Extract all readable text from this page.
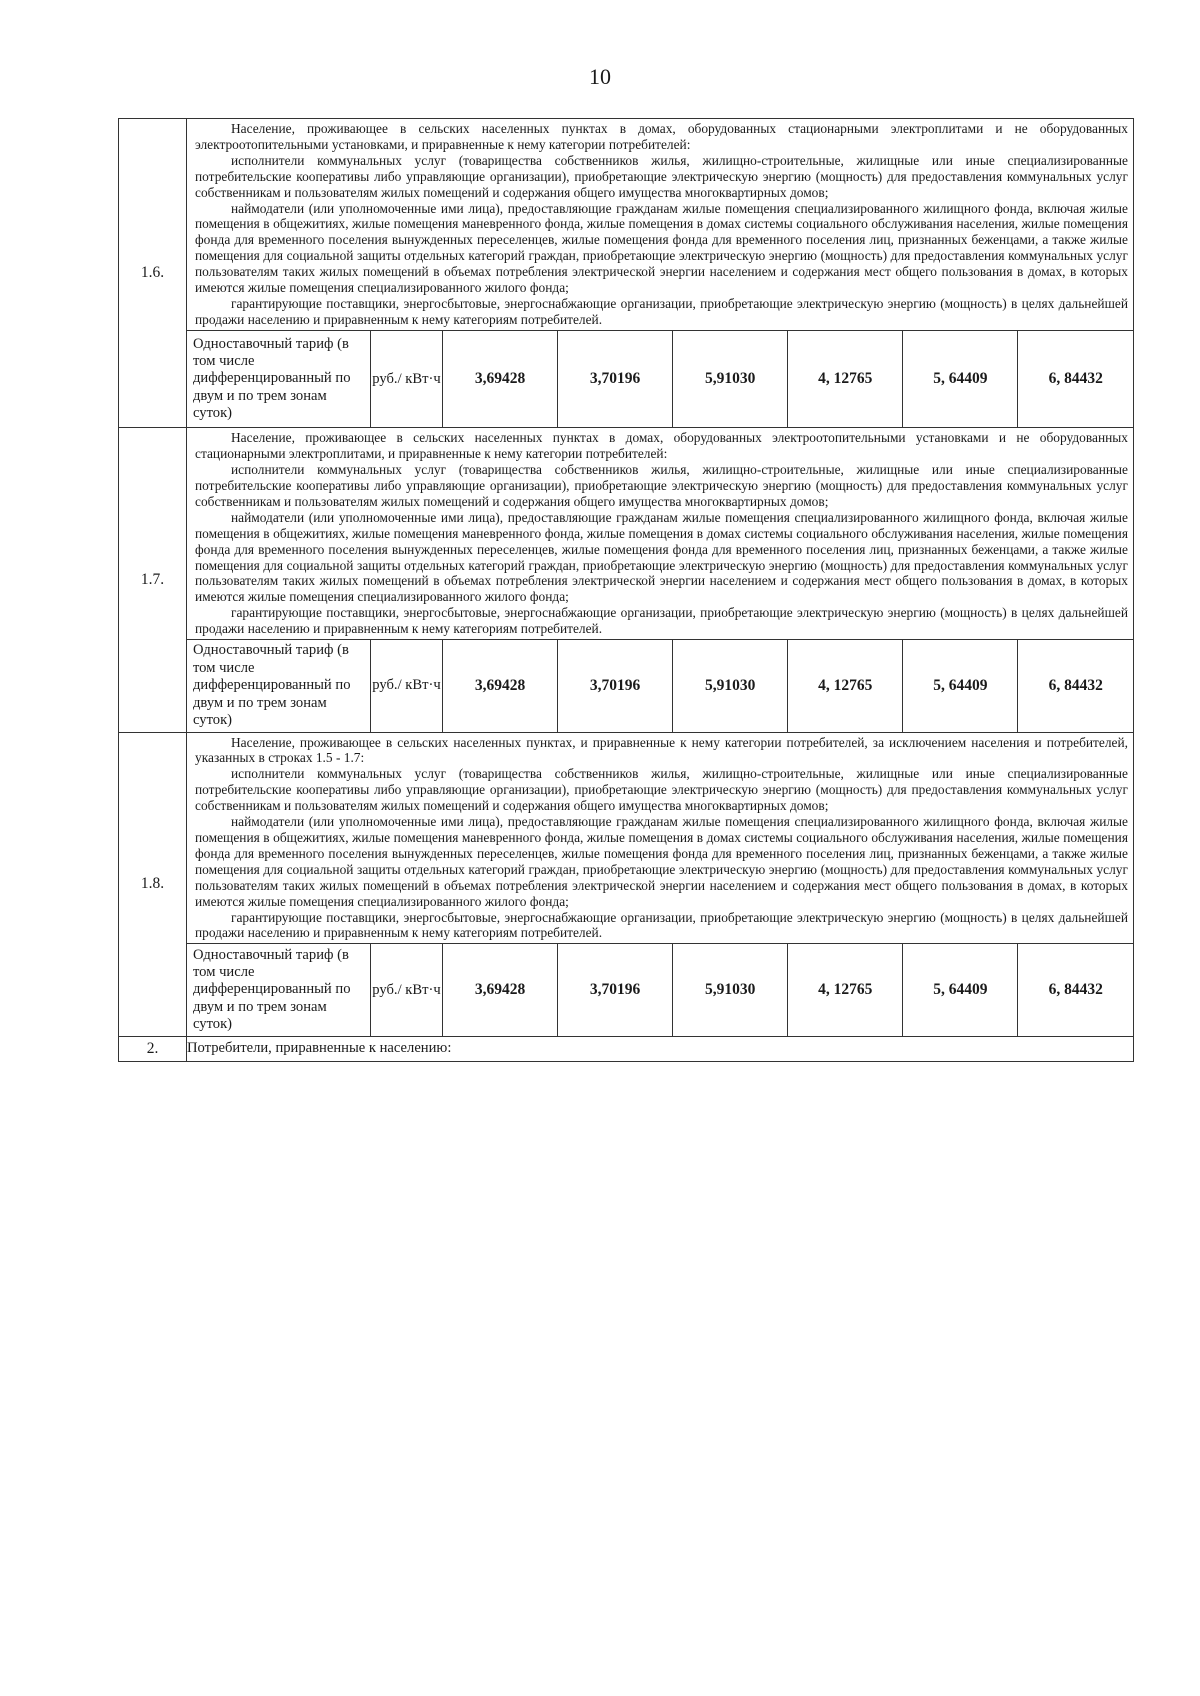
10
1.6.	

Население, проживающее в сельских населенных пунктах в домах, оборудованных стационарными электроплитами и не оборудованных электроотопительными установками, и приравненные к нему категории потребителей:

исполнители коммунальных услуг (товарищества собственников жилья, жилищно-строительные, жилищные или иные специализированные потребительские кооперативы либо управляющие организации), приобретающие электрическую энергию (мощность) для предоставления коммунальных услуг собственникам и пользователям жилых помещений и содержания общего имущества многоквартирных домов;

наймодатели (или уполномоченные ими лица), предоставляющие гражданам жилые помещения специализированного жилищного фонда, включая жилые помещения в общежитиях, жилые помещения маневренного фонда, жилые помещения в домах системы социального обслуживания населения, жилые помещения фонда для временного поселения вынужденных переселенцев, жилые помещения фонда для временного поселения лиц, признанных беженцами, а также жилые помещения для социальной защиты отдельных категорий граждан, приобретающие электрическую энергию (мощность) для предоставления коммунальных услуг пользователям таких жилых помещений в объемах потребления электрической энергии населением и содержания мест общего пользования в домах, в которых имеются жилые помещения специализированного жилого фонда;

гарантирующие поставщики, энергосбытовые, энергоснабжающие организации, приобретающие электрическую энергию (мощность) в целях дальнейшей продажи населению и приравненным к нему категориям потребителей.

Одноставочный тариф (в том числе дифференцированный по двум и по трем зонам суток)	руб./ кВт·ч	3,69428	3,70196	5,91030	4, 12765	5, 64409	6, 84432

1.7.	

Население, проживающее в сельских населенных пунктах в домах, оборудованных электроотопительными установками и не оборудованных стационарными электроплитами, и приравненные к нему категории потребителей:

исполнители коммунальных услуг (товарищества собственников жилья, жилищно-строительные, жилищные или иные специализированные потребительские кооперативы либо управляющие организации), приобретающие электрическую энергию (мощность) для предоставления коммунальных услуг собственникам и пользователям жилых помещений и содержания общего имущества многоквартирных домов;

наймодатели (или уполномоченные ими лица), предоставляющие гражданам жилые помещения специализированного жилищного фонда, включая жилые помещения в общежитиях, жилые помещения маневренного фонда, жилые помещения в домах системы социального обслуживания населения, жилые помещения фонда для временного поселения вынужденных переселенцев, жилые помещения фонда для временного поселения лиц, признанных беженцами, а также жилые помещения для социальной защиты отдельных категорий граждан, приобретающие электрическую энергию (мощность) для предоставления коммунальных услуг пользователям таких жилых помещений в объемах потребления электрической энергии населением и содержания мест общего пользования в домах, в которых имеются жилые помещения специализированного жилого фонда;

гарантирующие поставщики, энергосбытовые, энергоснабжающие организации, приобретающие электрическую энергию (мощность) в целях дальнейшей продажи населению и приравненным к нему категориям потребителей.

Одноставочный тариф (в том числе дифференцированный по двум и по трем зонам суток)	руб./ кВт·ч	3,69428	3,70196	5,91030	4, 12765	5, 64409	6, 84432

1.8.	

Население, проживающее в сельских населенных пунктах, и приравненные к нему категории потребителей, за исключением населения и потребителей, указанных в строках 1.5 - 1.7:

исполнители коммунальных услуг (товарищества собственников жилья, жилищно-строительные, жилищные или иные специализированные потребительские кооперативы либо управляющие организации), приобретающие электрическую энергию (мощность) для предоставления коммунальных услуг собственникам и пользователям жилых помещений и содержания общего имущества многоквартирных домов;

наймодатели (или уполномоченные ими лица), предоставляющие гражданам жилые помещения специализированного жилищного фонда, включая жилые помещения в общежитиях, жилые помещения маневренного фонда, жилые помещения в домах системы социального обслуживания населения, жилые помещения фонда для временного поселения вынужденных переселенцев, жилые помещения фонда для временного поселения лиц, признанных беженцами, а также жилые помещения для социальной защиты отдельных категорий граждан, приобретающие электрическую энергию (мощность) для предоставления коммунальных услуг пользователям таких жилых помещений в объемах потребления электрической энергии населением и содержания мест общего пользования в домах, в которых имеются жилые помещения специализированного жилого фонда;

гарантирующие поставщики, энергосбытовые, энергоснабжающие организации, приобретающие электрическую энергию (мощность) в целях дальнейшей продажи населению и приравненным к нему категориям потребителей.

Одноставочный тариф (в том числе дифференцированный по двум и по трем зонам суток)	руб./ кВт·ч	3,69428	3,70196	5,91030	4, 12765	5, 64409	6, 84432

2.	Потребители, приравненные к населению:
